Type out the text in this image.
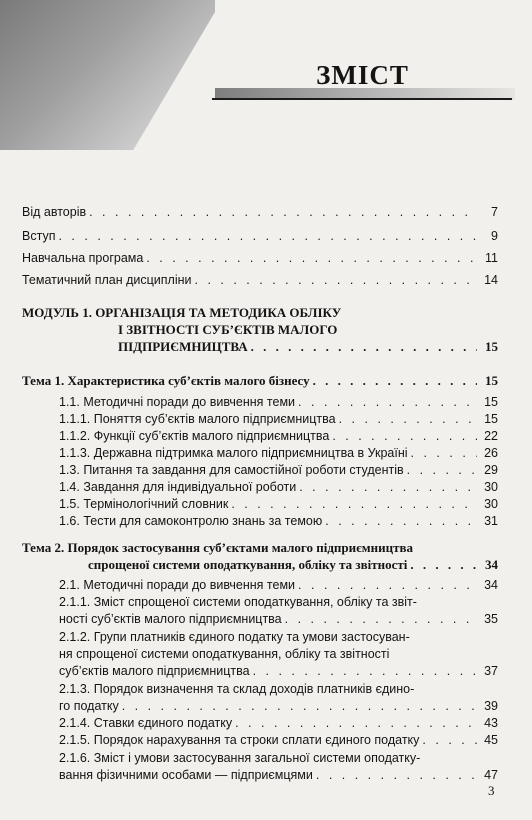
ЗМІСТ
Від авторів . . .	7
Вступ . . .	9
Навчальна програма . . .	11
Тематичний план дисципліни . . .	14
МОДУЛЬ 1. ОРГАНІЗАЦІЯ ТА МЕТОДИКА ОБЛІКУ
І ЗВІТНОСТІ СУБ’ЄКТІВ МАЛОГО
ПІДПРИЄМНИЦТВА . . .	15
Тема 1. Характеристика суб’єктів малого бізнесу . . .	15
1.1. Методичні поради до вивчення теми . . .	15
1.1.1. Поняття суб’єктів малого підприємництва . . .	15
1.1.2. Функції суб’єктів малого підприємництва . . .	22
1.1.3. Державна підтримка малого підприємництва в Україні . . .	26
1.3. Питання та завдання для самостійної роботи студентів . . .	29
1.4. Завдання для індивідуальної роботи . . .	30
1.5. Термінологічний словник . . .	30
1.6. Тести для самоконтролю знань за темою . . .	31
Тема 2. Порядок застосування суб’єктами малого підприємництва
спрощеної системи оподаткування, обліку та звітності . . .	34
2.1. Методичні поради до вивчення теми . . .	34
2.1.1. Зміст спрощеної системи оподаткування, обліку та звіт-
ності суб’єктів малого підприємництва . . .	35
2.1.2. Групи платників єдиного податку та умови застосуван-
ня спрощеної системи оподаткування, обліку та звітності
суб’єктів малого підприємництва . . .	37
2.1.3. Порядок визначення та склад доходів платників єдино-
го податку . . .	39
2.1.4. Ставки єдиного податку . . .	43
2.1.5. Порядок нарахування та строки сплати єдиного податку . . .	45
2.1.6. Зміст і умови застосування загальної системи оподатку-
вання фізичними особами — підприємцями . . .	47
3
